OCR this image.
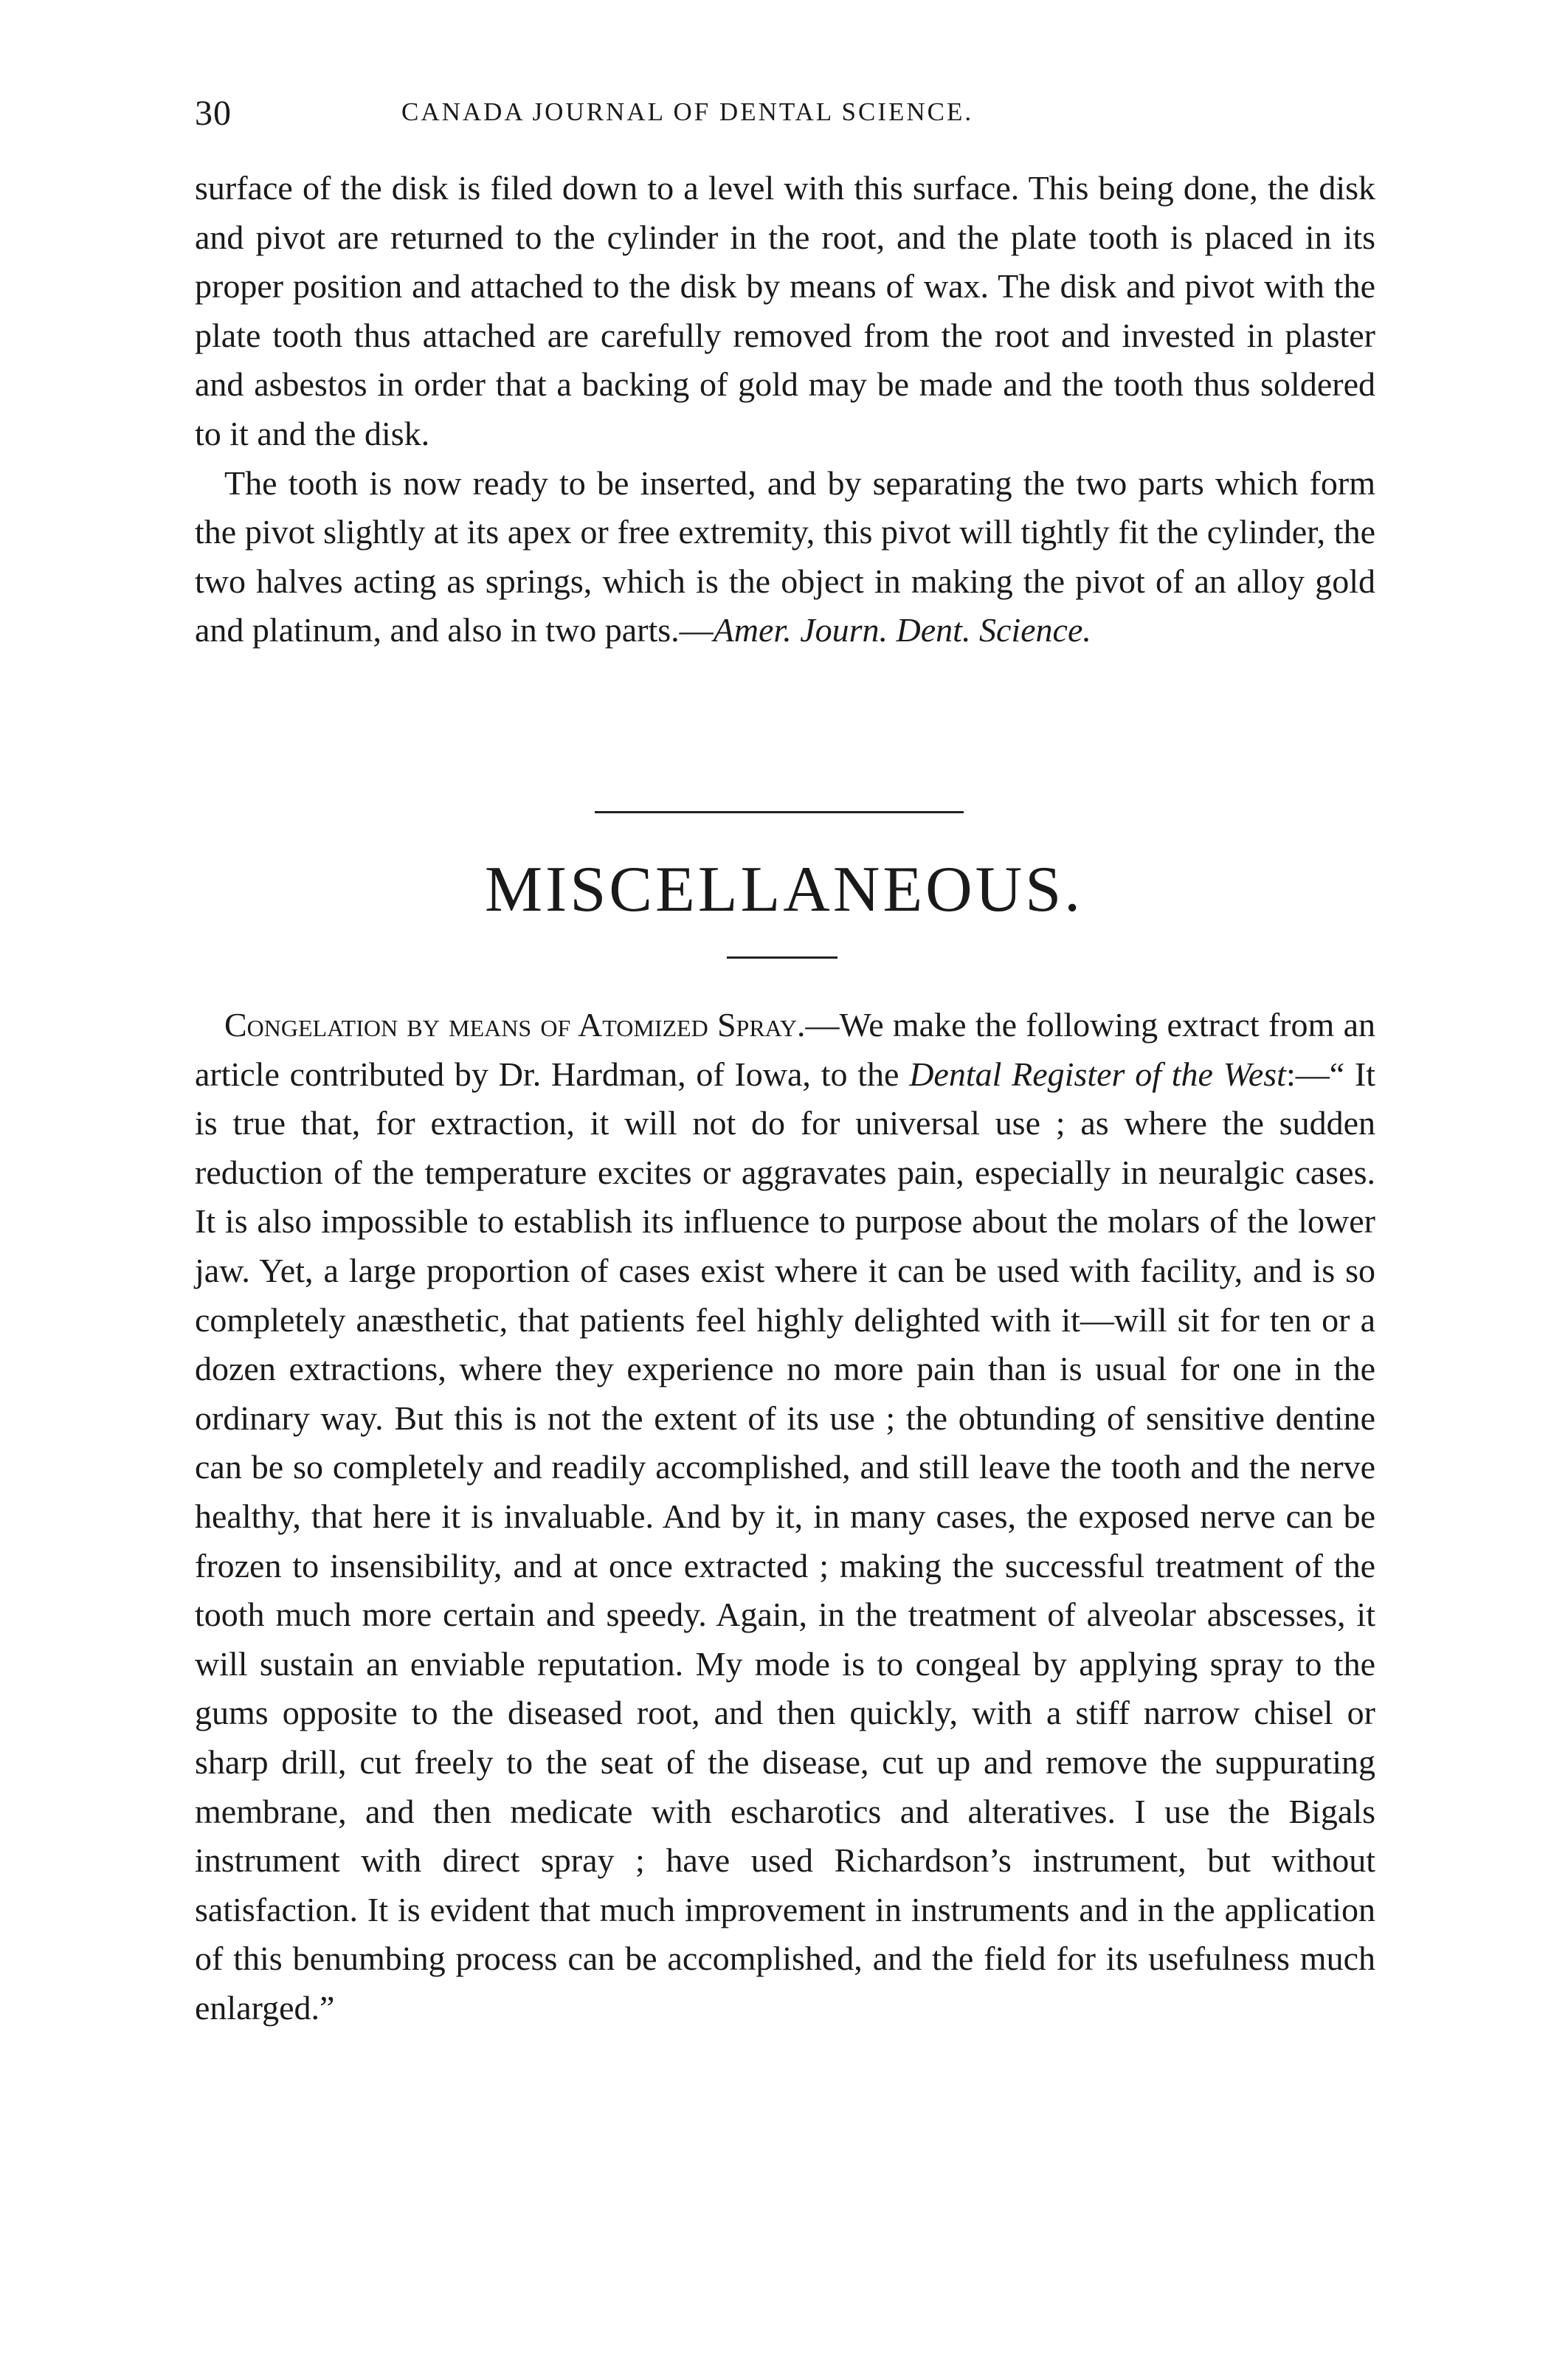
30	CANADA JOURNAL OF DENTAL SCIENCE.

surface of the disk is filed down to a level with this surface. This being done, the disk and pivot are returned to the cylinder in the root, and the plate tooth is placed in its proper position and attached to the disk by means of wax. The disk and pivot with the plate tooth thus attached are carefully removed from the root and invested in plaster and asbestos in order that a backing of gold may be made and the tooth thus soldered to it and the disk.

The tooth is now ready to be inserted, and by separating the two parts which form the pivot slightly at its apex or free extremity, this pivot will tightly fit the cylinder, the two halves acting as springs, which is the object in making the pivot of an alloy gold and platinum, and also in two parts.—Amer. Journ. Dent. Science.

MISCELLANEOUS.

Congelation by means of Atomized Spray.—We make the following extract from an article contributed by Dr. Hardman, of Iowa, to the Dental Register of the West:—“ It is true that, for extraction, it will not do for universal use ; as where the sudden reduction of the temperature excites or aggravates pain, especially in neuralgic cases. It is also impossible to establish its influence to purpose about the molars of the lower jaw. Yet, a large proportion of cases exist where it can be used with facility, and is so completely anæsthetic, that patients feel highly delighted with it—will sit for ten or a dozen extractions, where they experience no more pain than is usual for one in the ordinary way. But this is not the extent of its use ; the obtunding of sensitive dentine can be so completely and readily accomplished, and still leave the tooth and the nerve healthy, that here it is invaluable. And by it, in many cases, the exposed nerve can be frozen to insensibility, and at once extracted ; making the successful treatment of the tooth much more certain and speedy. Again, in the treatment of alveolar abscesses, it will sustain an enviable reputation. My mode is to congeal by applying spray to the gums opposite to the diseased root, and then quickly, with a stiff narrow chisel or sharp drill, cut freely to the seat of the disease, cut up and remove the suppurating membrane, and then medicate with escharotics and alteratives. I use the Bigals instrument with direct spray ; have used Richardson’s instrument, but without satisfaction. It is evident that much improvement in instruments and in the application of this benumbing process can be accomplished, and the field for its usefulness much enlarged.”
